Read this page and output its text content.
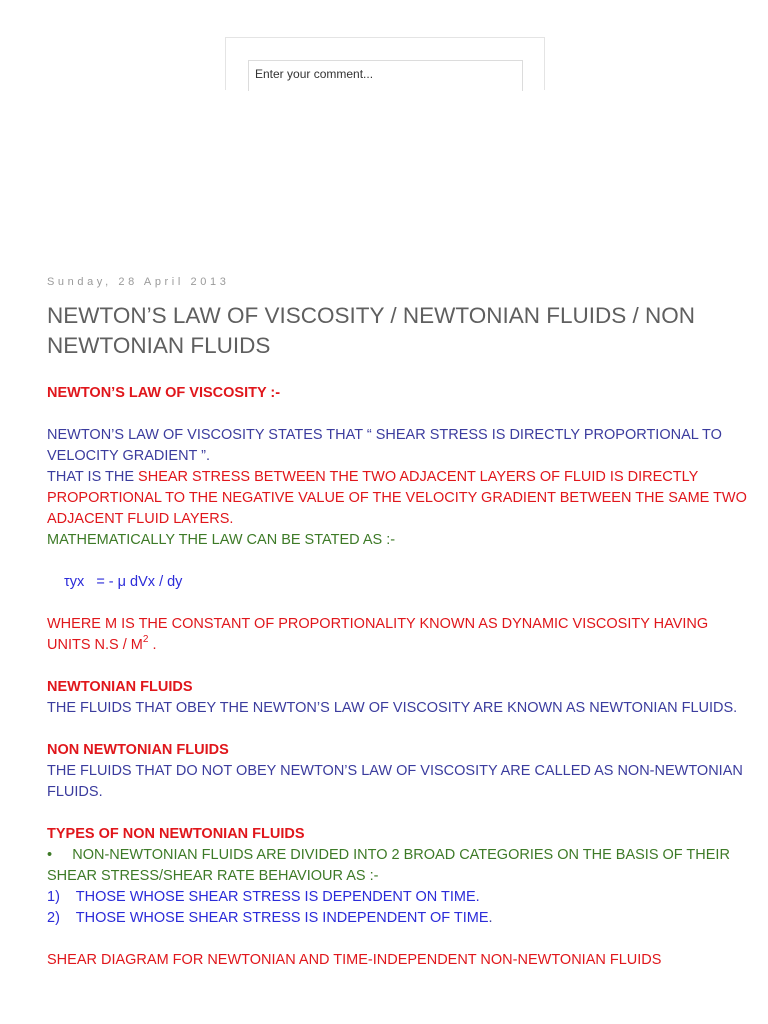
Enter your comment...
Sunday, 28 April 2013
NEWTON’S LAW OF VISCOSITY / NEWTONIAN FLUIDS / NON NEWTONIAN FLUIDS

NEWTON’S LAW OF VISCOSITY :-

NEWTON’S LAW OF VISCOSITY STATES THAT “ SHEAR STRESS IS DIRECTLY PROPORTIONAL TO VELOCITY GRADIENT ”.

THAT IS THE SHEAR STRESS BETWEEN THE TWO ADJACENT LAYERS OF FLUID IS DIRECTLY PROPORTIONAL TO THE NEGATIVE VALUE OF THE VELOCITY GRADIENT BETWEEN THE SAME TWO ADJACENT FLUID LAYERS.

MATHEMATICALLY THE LAW CAN BE STATED AS :-

τyx   = - μ dVx / dy

WHERE Μ IS THE CONSTANT OF PROPORTIONALITY KNOWN AS DYNAMIC VISCOSITY HAVING UNITS $N.S / M^2$ .

NEWTONIAN FLUIDS

THE FLUIDS THAT OBEY THE NEWTON’S LAW OF VISCOSITY ARE KNOWN AS NEWTONIAN FLUIDS.

NON NEWTONIAN FLUIDS

THE FLUIDS THAT DO NOT OBEY NEWTON’S LAW OF VISCOSITY ARE CALLED AS NON-NEWTONIAN FLUIDS.

TYPES OF NON NEWTONIAN FLUIDS

•     NON-NEWTONIAN FLUIDS ARE DIVIDED INTO 2 BROAD CATEGORIES ON THE BASIS OF THEIR SHEAR STRESS/SHEAR RATE BEHAVIOUR AS :-

1)    THOSE WHOSE SHEAR STRESS IS DEPENDENT ON TIME.

2)    THOSE WHOSE SHEAR STRESS IS INDEPENDENT OF TIME.

SHEAR DIAGRAM FOR NEWTONIAN AND TIME-INDEPENDENT NON-NEWTONIAN FLUIDS
